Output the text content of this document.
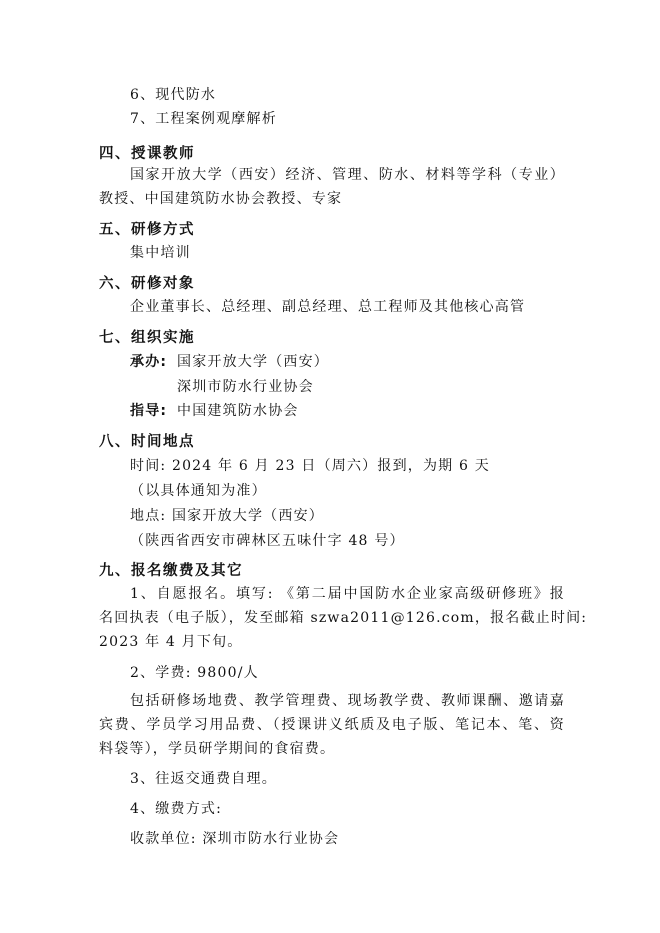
6、现代防水
7、工程案例观摩解析
四、授课教师
国家开放大学（西安）经济、管理、防水、材料等学科（专业）
教授、中国建筑防水协会教授、专家
五、研修方式
集中培训
六、研修对象
企业董事长、总经理、副总经理、总工程师及其他核心高管
七、组织实施
承办: 国家开放大学（西安）
深圳市防水行业协会
指导: 中国建筑防水协会
八、时间地点
时间: 2024 年 6 月 23 日（周六）报到，为期 6 天
（以具体通知为准）
地点: 国家开放大学（西安）
（陕西省西安市碑林区五味什字 48 号）
九、报名缴费及其它
1、自愿报名。填写: 《第二届中国防水企业家高级研修班》报
名回执表（电子版），发至邮箱 szwa2011@126.com，报名截止时间:
2023 年 4 月下旬。
2、学费: 9800/人
包括研修场地费、教学管理费、现场教学费、教师课酬、邀请嘉
宾费、学员学习用品费、（授课讲义纸质及电子版、笔记本、笔、资
料袋等），学员研学期间的食宿费。
3、往返交通费自理。
4、缴费方式:
收款单位: 深圳市防水行业协会
